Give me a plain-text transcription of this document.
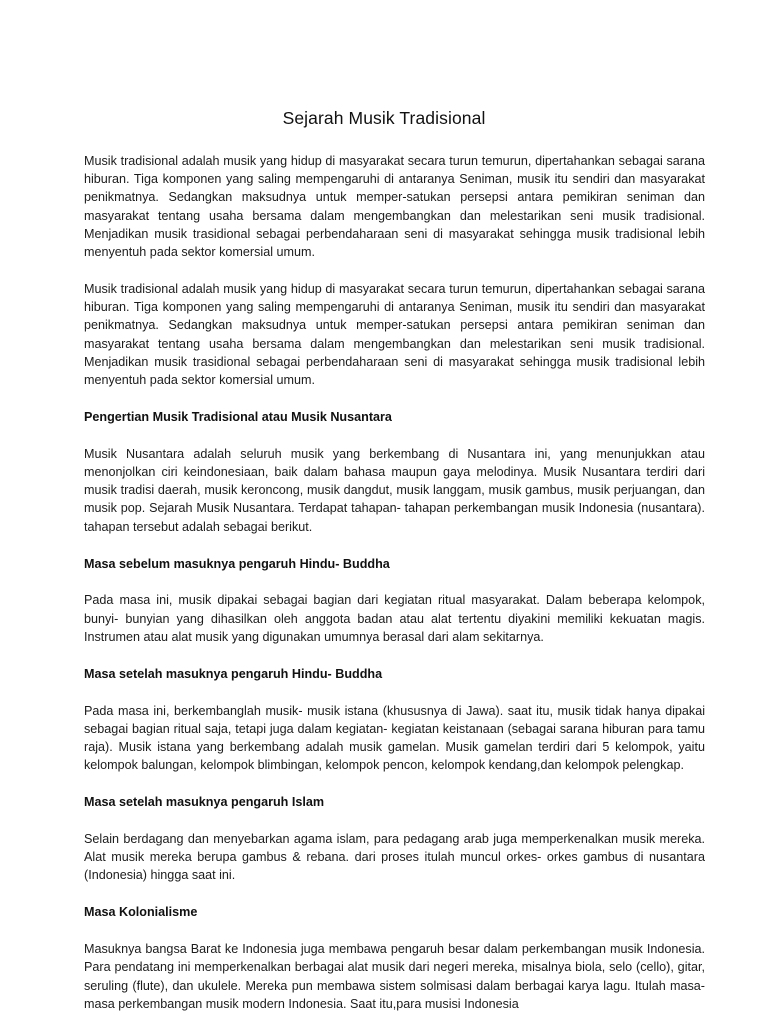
Sejarah Musik Tradisional

Musik tradisional adalah musik yang hidup di masyarakat secara turun temurun, dipertahankan sebagai sarana hiburan. Tiga komponen yang saling mempengaruhi di antaranya Seniman, musik itu sendiri dan masyarakat penikmatnya. Sedangkan maksudnya untuk memper-satukan persepsi antara pemikiran seniman dan masyarakat tentang usaha bersama dalam mengembangkan dan melestarikan seni musik tradisional. Menjadikan musik trasidional sebagai perbendaharaan seni di masyarakat sehingga musik tradisional lebih menyentuh pada sektor komersial umum.

Musik tradisional adalah musik yang hidup di masyarakat secara turun temurun, dipertahankan sebagai sarana hiburan. Tiga komponen yang saling mempengaruhi di antaranya Seniman, musik itu sendiri dan masyarakat penikmatnya. Sedangkan maksudnya untuk memper-satukan persepsi antara pemikiran seniman dan masyarakat tentang usaha bersama dalam mengembangkan dan melestarikan seni musik tradisional. Menjadikan musik trasidional sebagai perbendaharaan seni di masyarakat sehingga musik tradisional lebih menyentuh pada sektor komersial umum.

Pengertian Musik Tradisional atau Musik Nusantara

Musik Nusantara adalah seluruh musik yang berkembang di Nusantara ini, yang menunjukkan atau menonjolkan ciri keindonesiaan, baik dalam bahasa maupun gaya melodinya. Musik Nusantara terdiri dari musik tradisi daerah, musik keroncong, musik dangdut, musik langgam, musik gambus, musik perjuangan, dan musik pop. Sejarah Musik Nusantara. Terdapat tahapan- tahapan perkembangan musik Indonesia (nusantara). tahapan tersebut adalah sebagai berikut.

Masa sebelum masuknya pengaruh Hindu- Buddha

Pada masa ini, musik dipakai sebagai bagian dari kegiatan ritual masyarakat. Dalam beberapa kelompok, bunyi- bunyian yang dihasilkan oleh anggota badan atau alat tertentu diyakini memiliki kekuatan magis. Instrumen atau alat musik yang digunakan umumnya berasal dari alam sekitarnya.

Masa setelah masuknya pengaruh Hindu- Buddha

Pada masa ini, berkembanglah musik- musik istana (khususnya di Jawa). saat itu, musik tidak hanya dipakai sebagai bagian ritual saja, tetapi juga dalam kegiatan- kegiatan keistanaan (sebagai sarana hiburan para tamu raja). Musik istana yang berkembang adalah musik gamelan. Musik gamelan terdiri dari 5 kelompok, yaitu kelompok balungan, kelompok blimbingan, kelompok pencon, kelompok kendang,dan kelompok pelengkap.

Masa setelah masuknya pengaruh Islam

Selain berdagang dan menyebarkan agama islam, para pedagang arab juga memperkenalkan musik mereka. Alat musik mereka berupa gambus & rebana. dari proses itulah muncul orkes- orkes gambus di nusantara (Indonesia) hingga saat ini.

Masa Kolonialisme

Masuknya bangsa Barat ke Indonesia juga membawa pengaruh besar dalam perkembangan musik Indonesia. Para pendatang ini memperkenalkan berbagai alat musik dari negeri mereka, misalnya biola, selo (cello), gitar, seruling (flute), dan ukulele. Mereka pun membawa sistem solmisasi dalam berbagai karya lagu. Itulah masa- masa perkembangan musik modern Indonesia. Saat itu,para musisi Indonesia
